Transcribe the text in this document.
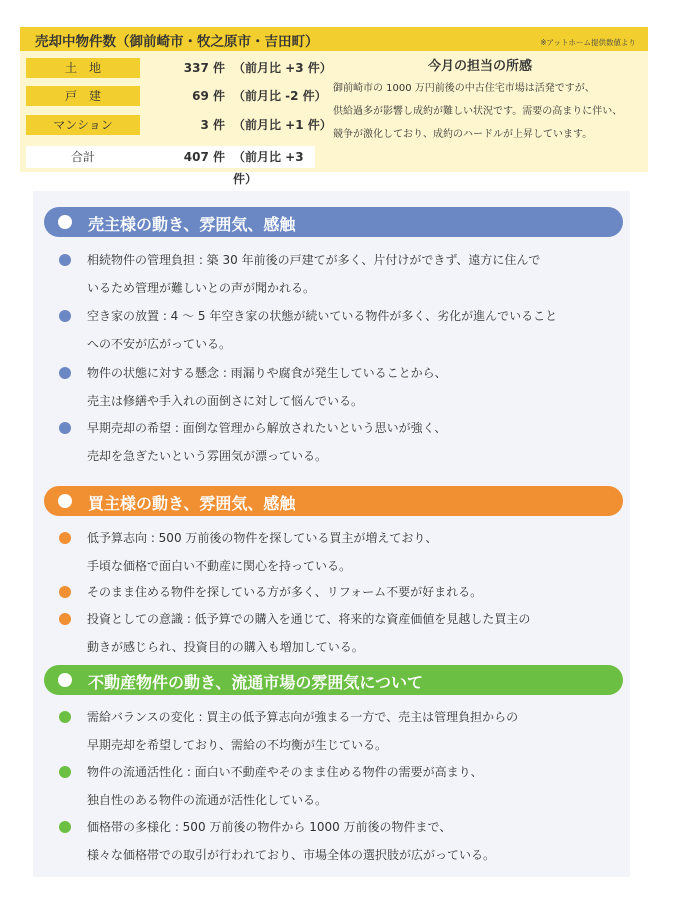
売却中物件数（御前崎市・牧之原市・吉田町）	※アットホーム提供数値より
土　地	337 件 （前月比 +3 件）
戸　建	69 件 （前月比 -2 件）
マンション	3 件 （前月比 +1 件）
合計	407 件 （前月比 +3 件）
今月の担当の所感
御前崎市の 1000 万円前後の中古住宅市場は活発ですが、
供給過多が影響し成約が難しい状況です。需要の高まりに伴い、
競争が激化しており、成約のハードルが上昇しています。
売主様の動き、雰囲気、感触
相続物件の管理負担 : 築 30 年前後の戸建てが多く、片付けができず、遠方に住んで
いるため管理が難しいとの声が聞かれる。
空き家の放置 : 4 ～ 5 年空き家の状態が続いている物件が多く、劣化が進んでいること
への不安が広がっている。
物件の状態に対する懸念 : 雨漏りや腐食が発生していることから、
売主は修繕や手入れの面倒さに対して悩んでいる。
早期売却の希望 : 面倒な管理から解放されたいという思いが強く、
売却を急ぎたいという雰囲気が漂っている。
買主様の動き、雰囲気、感触
低予算志向 : 500 万前後の物件を探している買主が増えており、
手頃な価格で面白い不動産に関心を持っている。
そのまま住める物件を探している方が多く、リフォーム不要が好まれる。
投資としての意識 : 低予算での購入を通じて、将来的な資産価値を見越した買主の
動きが感じられ、投資目的の購入も増加している。
不動産物件の動き、流通市場の雰囲気について
需給バランスの変化 : 買主の低予算志向が強まる一方で、売主は管理負担からの
早期売却を希望しており、需給の不均衡が生じている。
物件の流通活性化 : 面白い不動産やそのまま住める物件の需要が高まり、
独自性のある物件の流通が活性化している。
価格帯の多様化 : 500 万前後の物件から 1000 万前後の物件まで、
様々な価格帯での取引が行われており、市場全体の選択肢が広がっている。
